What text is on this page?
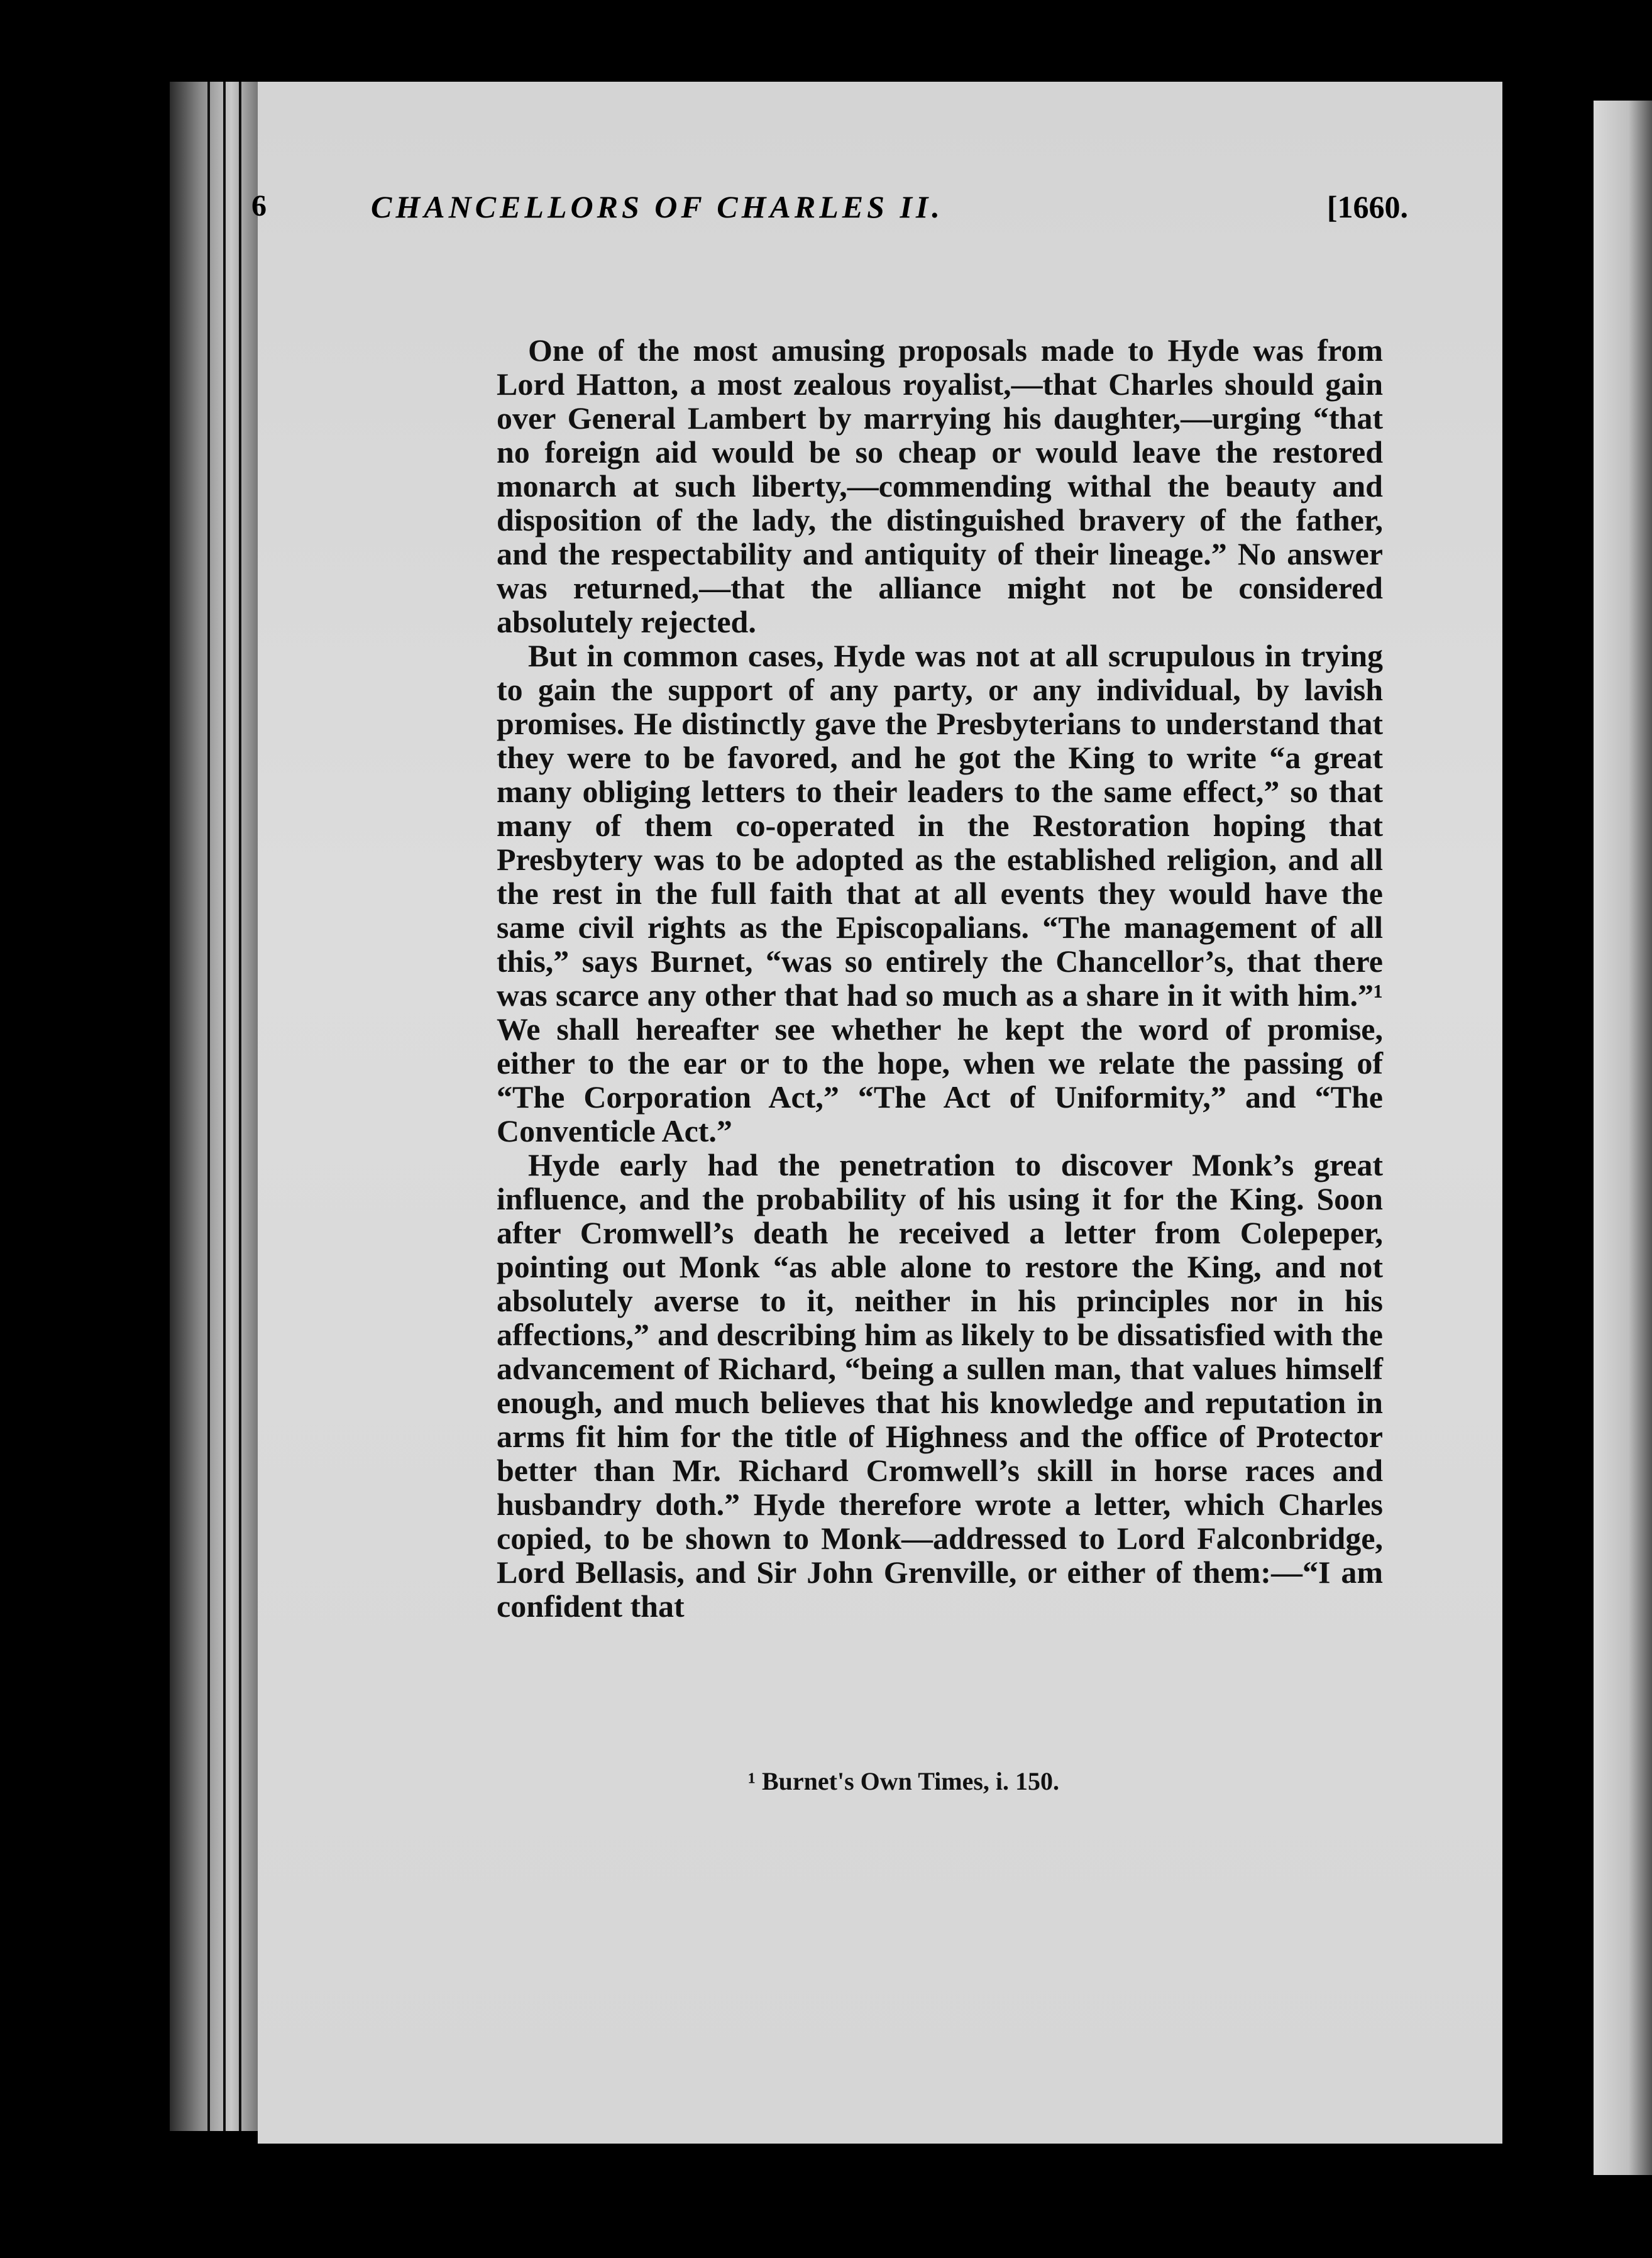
6	CHANCELLORS OF CHARLES II.	[1660.

One of the most amusing proposals made to Hyde was from Lord Hatton, a most zealous royalist,—that Charles should gain over General Lambert by marrying his daughter,—urging “that no foreign aid would be so cheap or would leave the restored monarch at such liberty,—commending withal the beauty and disposition of the lady, the distinguished bravery of the father, and the respectability and antiquity of their lineage.” No answer was returned,—that the alliance might not be considered absolutely rejected.

But in common cases, Hyde was not at all scrupulous in trying to gain the support of any party, or any individual, by lavish promises. He distinctly gave the Presbyterians to understand that they were to be favored, and he got the King to write “a great many obliging letters to their leaders to the same effect,” so that many of them co-operated in the Restoration hoping that Presbytery was to be adopted as the established religion, and all the rest in the full faith that at all events they would have the same civil rights as the Episcopalians. “The management of all this,” says Burnet, “was so entirely the Chancellor’s, that there was scarce any other that had so much as a share in it with him.”¹ We shall hereafter see whether he kept the word of promise, either to the ear or to the hope, when we relate the passing of “The Corporation Act,” “The Act of Uniformity,” and “The Conventicle Act.”

Hyde early had the penetration to discover Monk’s great influence, and the probability of his using it for the King. Soon after Cromwell’s death he received a letter from Colepeper, pointing out Monk “as able alone to restore the King, and not absolutely averse to it, neither in his principles nor in his affections,” and describing him as likely to be dissatisfied with the advancement of Richard, “being a sullen man, that values himself enough, and much believes that his knowledge and reputation in arms fit him for the title of Highness and the office of Protector better than Mr. Richard Cromwell’s skill in horse races and husbandry doth.” Hyde therefore wrote a letter, which Charles copied, to be shown to Monk—addressed to Lord Falconbridge, Lord Bellasis, and Sir John Grenville, or either of them:—“I am confident that

¹ Burnet's Own Times, i. 150.
